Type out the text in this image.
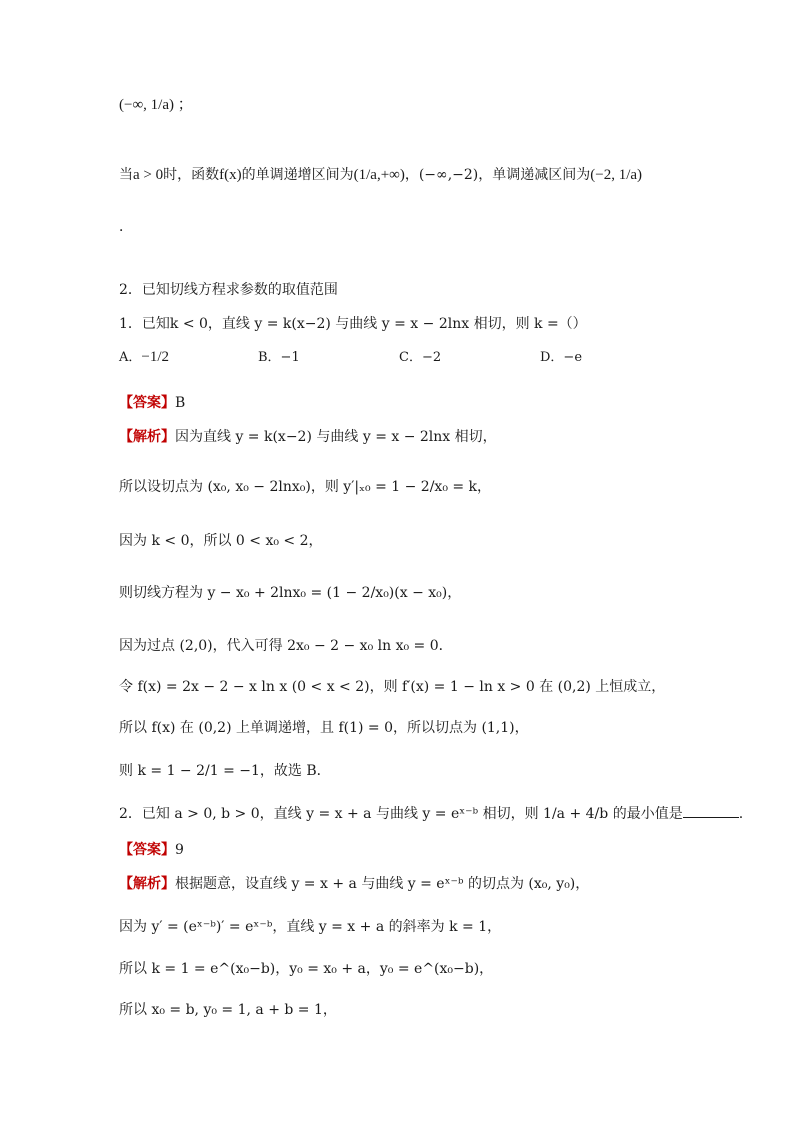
(−∞, 1/a) ；
当a > 0时，函数f(x)的单调递增区间为(1/a,+∞)，(−∞,−2)，单调递减区间为(−2, 1/a)
．
2．已知切线方程求参数的取值范围
1．已知k < 0，直线 y = k(x−2) 与曲线 y = x − 2lnx 相切，则 k =（）
A．−1/2	B．−1	C．−2	D．−e
【答案】B
【解析】因为直线 y = k(x−2) 与曲线 y = x − 2lnx 相切，
所以设切点为 (x₀, x₀ − 2lnx₀)，则 y′|ₓ₀ = 1 − 2/x₀ = k，
因为 k < 0，所以 0 < x₀ < 2，
则切线方程为 y − x₀ + 2lnx₀ = (1 − 2/x₀)(x − x₀)，
因为过点 (2,0)，代入可得 2x₀ − 2 − x₀ ln x₀ = 0．
令 f(x) = 2x − 2 − x ln x (0 < x < 2)，则 f′(x) = 1 − ln x > 0 在 (0,2) 上恒成立，
所以 f(x) 在 (0,2) 上单调递增，且 f(1) = 0，所以切点为 (1,1)，
则 k = 1 − 2/1 = −1，故选 B．
2．已知 a > 0, b > 0，直线 y = x + a 与曲线 y = eˣ⁻ᵇ 相切，则 1/a + 4/b 的最小值是	.
【答案】9
【解析】根据题意，设直线 y = x + a 与曲线 y = eˣ⁻ᵇ 的切点为 (x₀, y₀)，
因为 y′ = (eˣ⁻ᵇ)′ = eˣ⁻ᵇ，直线 y = x + a 的斜率为 k = 1，
所以 k = 1 = e^(x₀−b)，y₀ = x₀ + a，y₀ = e^(x₀−b)，
所以 x₀ = b, y₀ = 1, a + b = 1，
